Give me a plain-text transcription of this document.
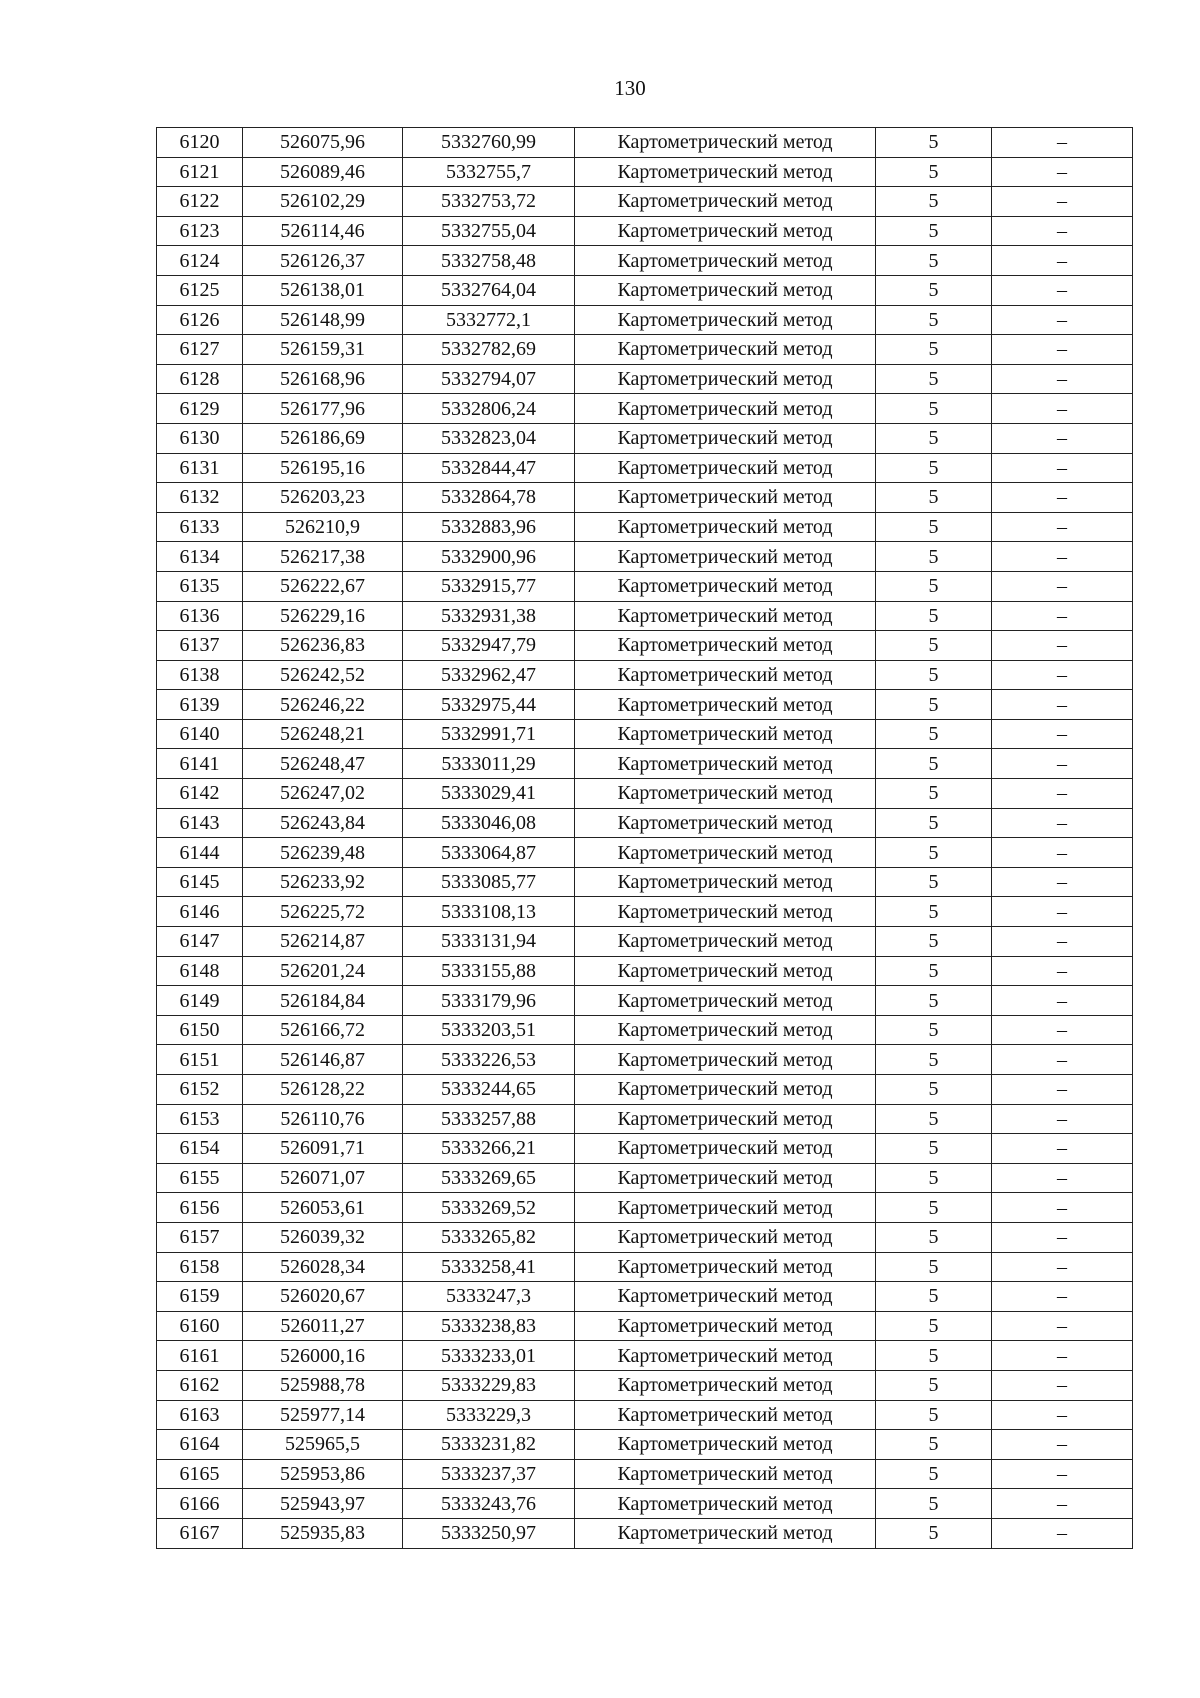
130
6120	526075,96	5332760,99	Картометрический метод	5	–
6121	526089,46	5332755,7	Картометрический метод	5	–
6122	526102,29	5332753,72	Картометрический метод	5	–
6123	526114,46	5332755,04	Картометрический метод	5	–
6124	526126,37	5332758,48	Картометрический метод	5	–
6125	526138,01	5332764,04	Картометрический метод	5	–
6126	526148,99	5332772,1	Картометрический метод	5	–
6127	526159,31	5332782,69	Картометрический метод	5	–
6128	526168,96	5332794,07	Картометрический метод	5	–
6129	526177,96	5332806,24	Картометрический метод	5	–
6130	526186,69	5332823,04	Картометрический метод	5	–
6131	526195,16	5332844,47	Картометрический метод	5	–
6132	526203,23	5332864,78	Картометрический метод	5	–
6133	526210,9	5332883,96	Картометрический метод	5	–
6134	526217,38	5332900,96	Картометрический метод	5	–
6135	526222,67	5332915,77	Картометрический метод	5	–
6136	526229,16	5332931,38	Картометрический метод	5	–
6137	526236,83	5332947,79	Картометрический метод	5	–
6138	526242,52	5332962,47	Картометрический метод	5	–
6139	526246,22	5332975,44	Картометрический метод	5	–
6140	526248,21	5332991,71	Картометрический метод	5	–
6141	526248,47	5333011,29	Картометрический метод	5	–
6142	526247,02	5333029,41	Картометрический метод	5	–
6143	526243,84	5333046,08	Картометрический метод	5	–
6144	526239,48	5333064,87	Картометрический метод	5	–
6145	526233,92	5333085,77	Картометрический метод	5	–
6146	526225,72	5333108,13	Картометрический метод	5	–
6147	526214,87	5333131,94	Картометрический метод	5	–
6148	526201,24	5333155,88	Картометрический метод	5	–
6149	526184,84	5333179,96	Картометрический метод	5	–
6150	526166,72	5333203,51	Картометрический метод	5	–
6151	526146,87	5333226,53	Картометрический метод	5	–
6152	526128,22	5333244,65	Картометрический метод	5	–
6153	526110,76	5333257,88	Картометрический метод	5	–
6154	526091,71	5333266,21	Картометрический метод	5	–
6155	526071,07	5333269,65	Картометрический метод	5	–
6156	526053,61	5333269,52	Картометрический метод	5	–
6157	526039,32	5333265,82	Картометрический метод	5	–
6158	526028,34	5333258,41	Картометрический метод	5	–
6159	526020,67	5333247,3	Картометрический метод	5	–
6160	526011,27	5333238,83	Картометрический метод	5	–
6161	526000,16	5333233,01	Картометрический метод	5	–
6162	525988,78	5333229,83	Картометрический метод	5	–
6163	525977,14	5333229,3	Картометрический метод	5	–
6164	525965,5	5333231,82	Картометрический метод	5	–
6165	525953,86	5333237,37	Картометрический метод	5	–
6166	525943,97	5333243,76	Картометрический метод	5	–
6167	525935,83	5333250,97	Картометрический метод	5	–
